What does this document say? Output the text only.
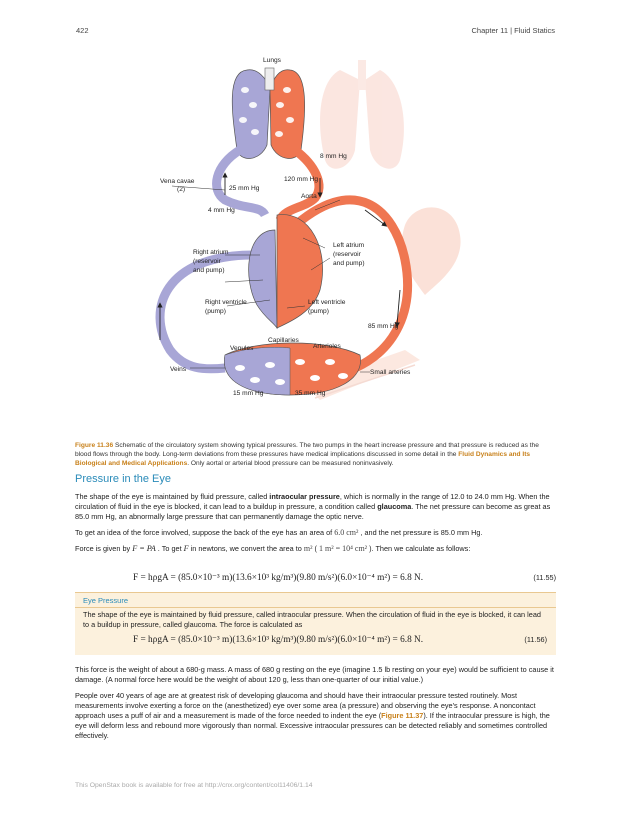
422	Chapter 11 | Fluid Statics
Lungs
8 mm Hg
Vena cavae
(2)	25 mm Hg
120 mm Hg
Aorta
4 mm Hg
Right atrium
(reservoir
and pump)
Left atrium
(reservoir
and pump)
Right ventricle
(pump)
Left ventricle
(pump)
85 mm Hg
Capillaries
Venules	Arterioles
Veins	Small arteries
15 mm Hg	35 mm Hg
Figure 11.36 Schematic of the circulatory system showing typical pressures. The two pumps in the heart increase pressure and that pressure is reduced as the blood flows through the body. Long-term deviations from these pressures have medical implications discussed in some detail in the Fluid Dynamics and Its Biological and Medical Applications. Only aortal or arterial blood pressure can be measured noninvasively.
Pressure in the Eye

The shape of the eye is maintained by fluid pressure, called intraocular pressure, which is normally in the range of 12.0 to 24.0 mm Hg. When the circulation of fluid in the eye is blocked, it can lead to a buildup in pressure, a condition called glaucoma. The net pressure can become as great as 85.0 mm Hg, an abnormally large pressure that can permanently damage the optic nerve.

To get an idea of the force involved, suppose the back of the eye has an area of 6.0 cm² , and the net pressure is 85.0 mm Hg.

Force is given by F = PA . To get F in newtons, we convert the area to m² ( 1 m² = 10⁴ cm² ). Then we calculate as follows:

F = hρgA = (85.0×10⁻³ m)(13.6×10³ kg/m³)(9.80 m/s²)(6.0×10⁻⁴ m²) = 6.8 N.	(11.55)
Eye Pressure

The shape of the eye is maintained by fluid pressure, called intraocular pressure. When the circulation of fluid in the eye is blocked, it can lead to a buildup in pressure, called glaucoma. The force is calculated as

F = hρgA = (85.0×10⁻³ m)(13.6×10³ kg/m³)(9.80 m/s²)(6.0×10⁻⁴ m²) = 6.8 N.	(11.56)

This force is the weight of about a 680-g mass. A mass of 680 g resting on the eye (imagine 1.5 lb resting on your eye) would be sufficient to cause it damage. (A normal force here would be the weight of about 120 g, less than one-quarter of our initial value.)

People over 40 years of age are at greatest risk of developing glaucoma and should have their intraocular pressure tested routinely. Most measurements involve exerting a force on the (anesthetized) eye over some area (a pressure) and observing the eye's response. A noncontact approach uses a puff of air and a measurement is made of the force needed to indent the eye (Figure 11.37). If the intraocular pressure is high, the eye will deform less and rebound more vigorously than normal. Excessive intraocular pressures can be detected reliably and sometimes controlled effectively.

This OpenStax book is available for free at http://cnx.org/content/col11406/1.14
